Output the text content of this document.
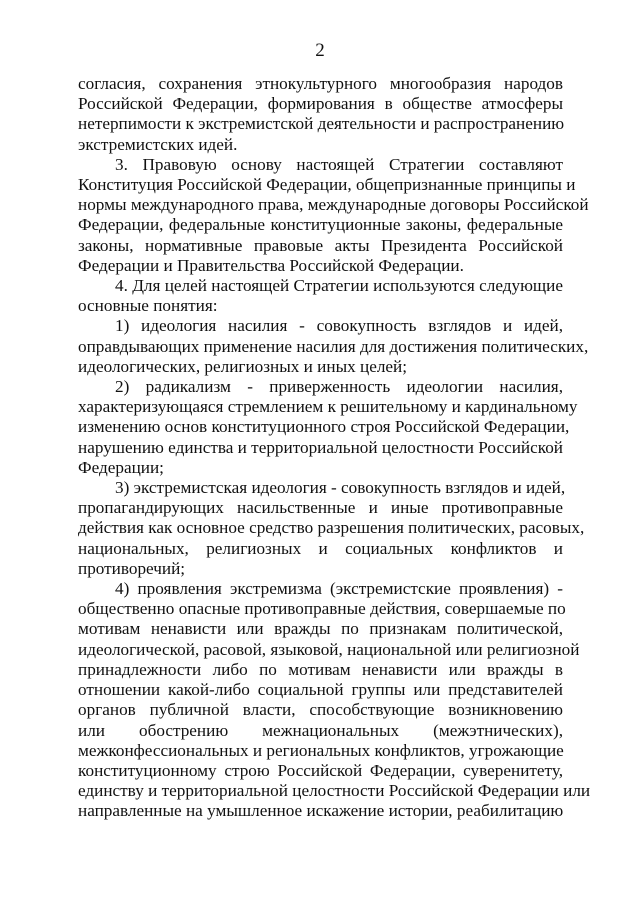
2

согласия, сохранения этнокультурного многообразия народов
Российской Федерации, формирования в обществе атмосферы
нетерпимости к экстремистской деятельности и распространению
экстремистских идей.

3. Правовую основу настоящей Стратегии составляют
Конституция Российской Федерации, общепризнанные принципы и
нормы международного права, международные договоры Российской
Федерации, федеральные конституционные законы, федеральные
законы, нормативные правовые акты Президента Российской
Федерации и Правительства Российской Федерации.

4. Для целей настоящей Стратегии используются следующие
основные понятия:

1) идеология насилия - совокупность взглядов и идей,
оправдывающих применение насилия для достижения политических,
идеологических, религиозных и иных целей;

2) радикализм - приверженность идеологии насилия,
характеризующаяся стремлением к решительному и кардинальному
изменению основ конституционного строя Российской Федерации,
нарушению единства и территориальной целостности Российской
Федерации;

3) экстремистская идеология - совокупность взглядов и идей,
пропагандирующих насильственные и иные противоправные
действия как основное средство разрешения политических, расовых,
национальных, религиозных и социальных конфликтов и
противоречий;

4) проявления экстремизма (экстремистские проявления) -
общественно опасные противоправные действия, совершаемые по
мотивам ненависти или вражды по признакам политической,
идеологической, расовой, языковой, национальной или религиозной
принадлежности либо по мотивам ненависти или вражды в
отношении какой-либо социальной группы или представителей
органов публичной власти, способствующие возникновению
или обострению межнациональных (межэтнических),
межконфессиональных и региональных конфликтов, угрожающие
конституционному строю Российской Федерации, суверенитету,
единству и территориальной целостности Российской Федерации или
направленные на умышленное искажение истории, реабилитацию
